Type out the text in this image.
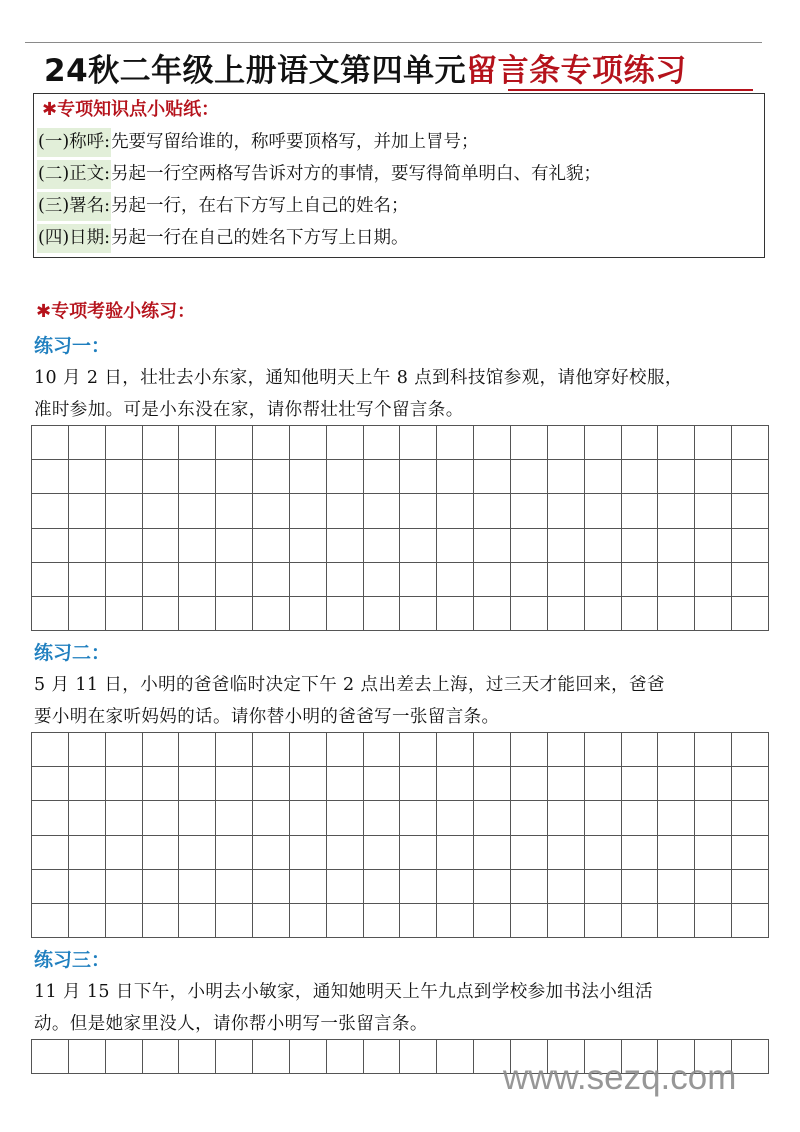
24秋二年级上册语文第四单元留言条专项练习
✱专项知识点小贴纸：
(一)称呼: 先要写留给谁的，称呼要顶格写，并加上冒号；
(二)正文: 另起一行空两格写告诉对方的事情，要写得简单明白、有礼貌；
(三)署名: 另起一行，在右下方写上自己的姓名；
(四)日期: 另起一行在自己的姓名下方写上日期。
✱专项考验小练习：
练习一：
10 月 2 日，壮壮去小东家，通知他明天上午 8 点到科技馆参观，请他穿好校服，
准时参加。可是小东没在家，请你帮壮壮写个留言条。
练习二：
5 月 11 日，小明的爸爸临时决定下午 2 点出差去上海，过三天才能回来，爸爸
要小明在家听妈妈的话。请你替小明的爸爸写一张留言条。
练习三：
11 月 15 日下午，小明去小敏家，通知她明天上午九点到学校参加书法小组活
动。但是她家里没人，请你帮小明写一张留言条。
www.sezq.com
